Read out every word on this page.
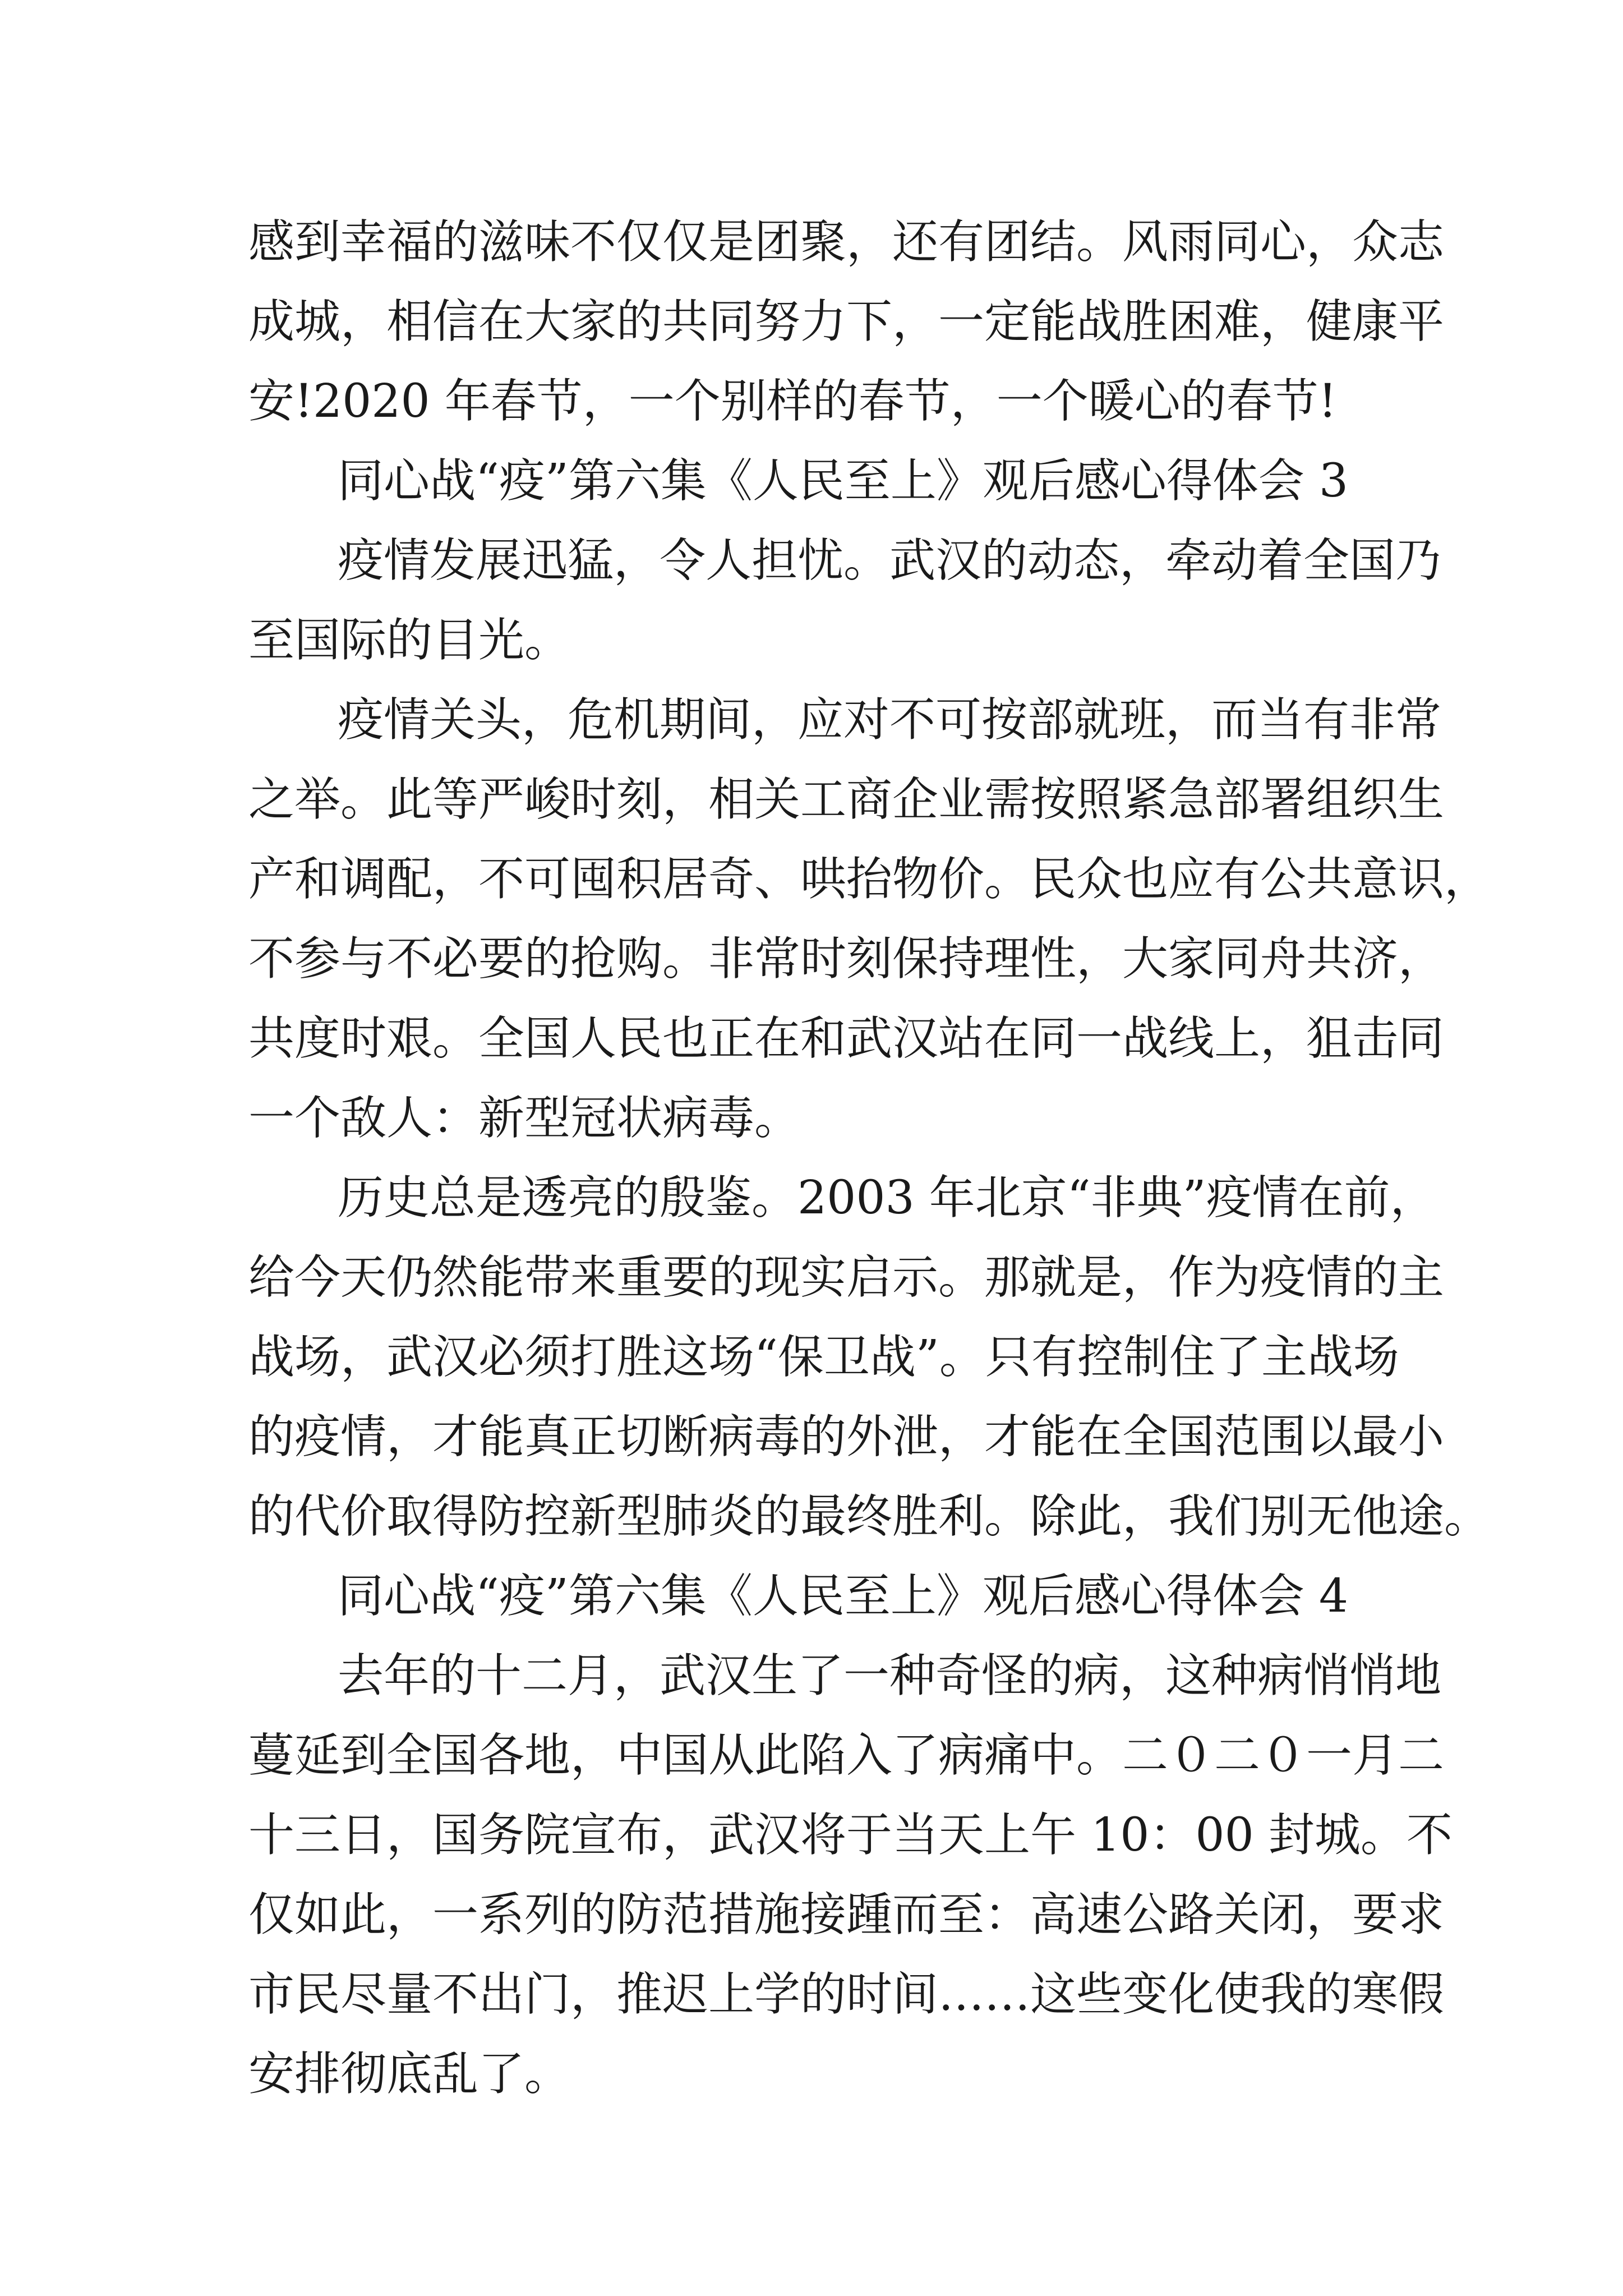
感到幸福的滋味不仅仅是团聚，还有团结。风雨同心，众志
成城，相信在大家的共同努力下，一定能战胜困难，健康平
安!2020 年春节，一个别样的春节，一个暖心的春节!
同心战“疫”第六集《人民至上》观后感心得体会 3
疫情发展迅猛，令人担忧。武汉的动态，牵动着全国乃
至国际的目光。
疫情关头，危机期间，应对不可按部就班，而当有非常
之举。此等严峻时刻，相关工商企业需按照紧急部署组织生
产和调配，不可囤积居奇、哄抬物价。民众也应有公共意识，
不参与不必要的抢购。非常时刻保持理性，大家同舟共济，
共度时艰。全国人民也正在和武汉站在同一战线上，狙击同
一个敌人：新型冠状病毒。
历史总是透亮的殷鉴。2003 年北京“非典”疫情在前，
给今天仍然能带来重要的现实启示。那就是，作为疫情的主
战场，武汉必须打胜这场“保卫战”。只有控制住了主战场
的疫情，才能真正切断病毒的外泄，才能在全国范围以最小
的代价取得防控新型肺炎的最终胜利。除此，我们别无他途。
同心战“疫”第六集《人民至上》观后感心得体会 4
去年的十二月，武汉生了一种奇怪的病，这种病悄悄地
蔓延到全国各地，中国从此陷入了病痛中。二０二０一月二
十三日，国务院宣布，武汉将于当天上午 10：00 封城。不
仅如此，一系列的防范措施接踵而至：高速公路关闭，要求
市民尽量不出门，推迟上学的时间……这些变化使我的寒假
安排彻底乱了。
